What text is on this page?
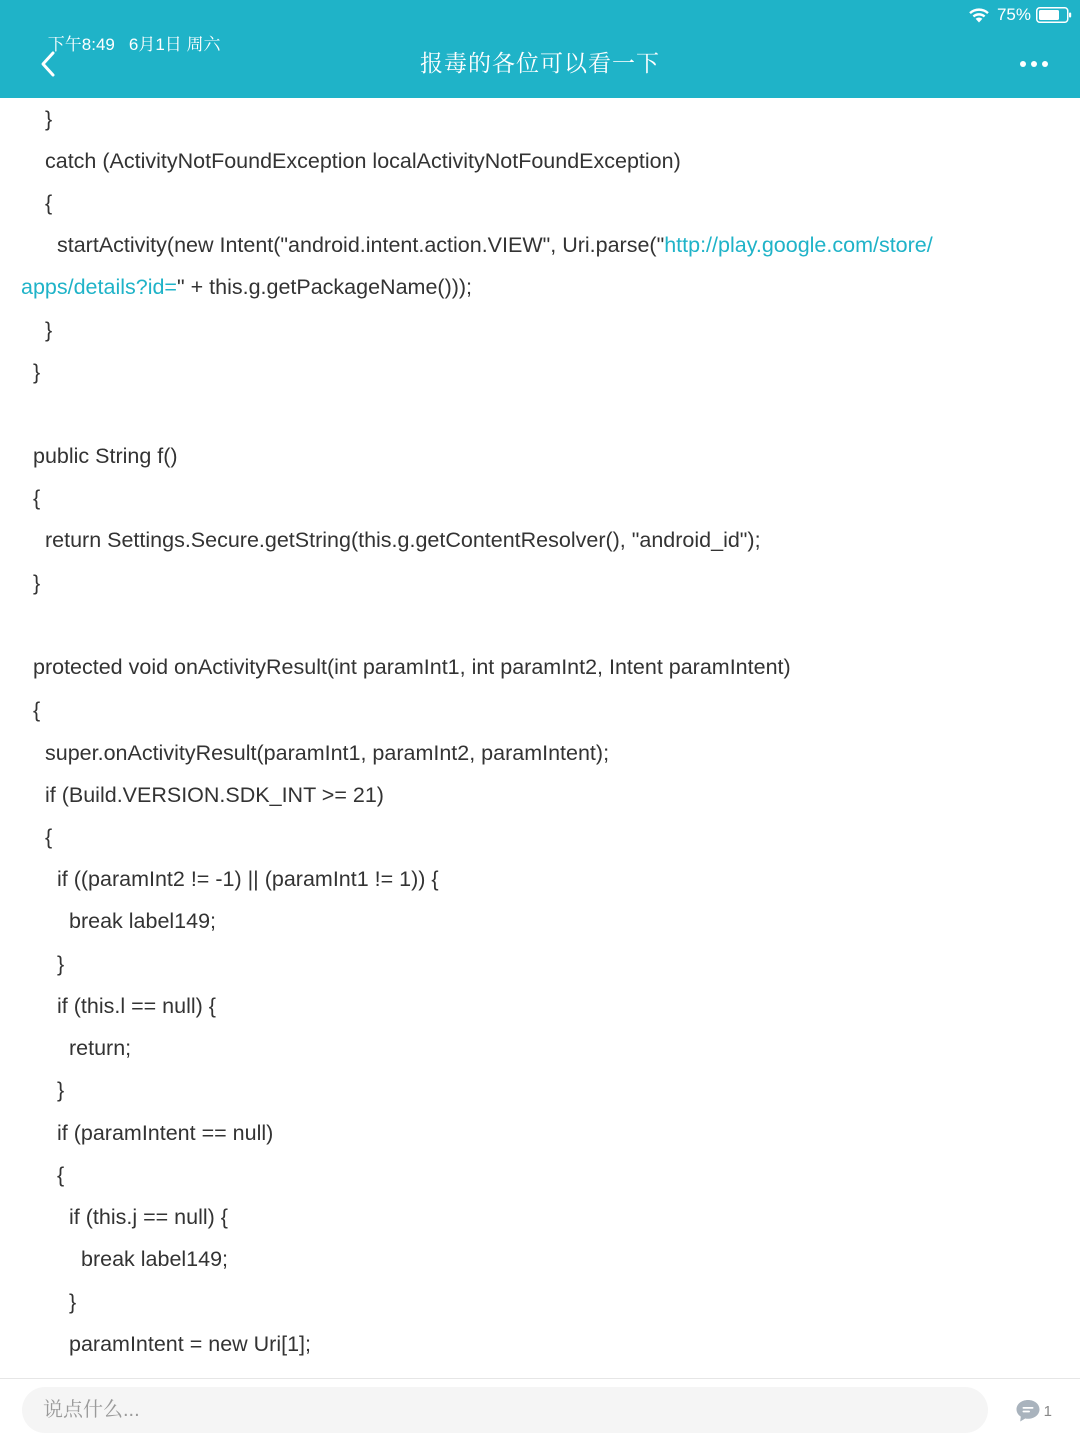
下午8:49 6月1日 周六

75%
报毒的各位可以看一下
}
catch (ActivityNotFoundException localActivityNotFoundException)
{
startActivity(new Intent("android.intent.action.VIEW", Uri.parse("http://play.google.com/store/
apps/details?id=" + this.g.getPackageName()));
}
}
public String f()
{
return Settings.Secure.getString(this.g.getContentResolver(), "android_id");
}
protected void onActivityResult(int paramInt1, int paramInt2, Intent paramIntent)
{
super.onActivityResult(paramInt1, paramInt2, paramIntent);
if (Build.VERSION.SDK_INT >= 21)
{
if ((paramInt2 != -1) || (paramInt1 != 1)) {
break label149;
}
if (this.l == null) {
return;
}
if (paramIntent == null)
{
if (this.j == null) {
break label149;
}
paramIntent = new Uri[1];
说点什么...	1
